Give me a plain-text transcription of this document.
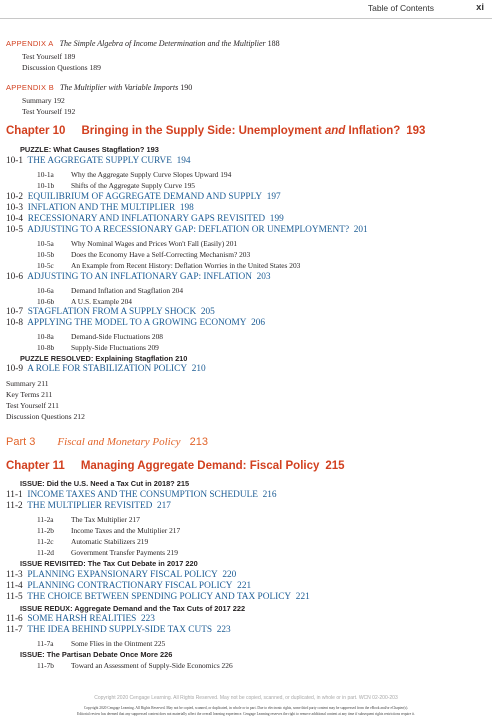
Table of Contents	xi
APPENDIX A The Simple Algebra of Income Determination and the Multiplier 188
Test Yourself 189
Discussion Questions 189
APPENDIX B The Multiplier with Variable Imports 190
Summary 192
Test Yourself 192
Chapter 10 Bringing in the Supply Side: Unemployment and Inflation? 193
PUZZLE: What Causes Stagflation? 193
10-1 THE AGGREGATE SUPPLY CURVE 194
10-1a Why the Aggregate Supply Curve Slopes Upward 194
10-1b Shifts of the Aggregate Supply Curve 195
10-2 EQUILIBRIUM OF AGGREGATE DEMAND AND SUPPLY 197
10-3 INFLATION AND THE MULTIPLIER 198
10-4 RECESSIONARY AND INFLATIONARY GAPS REVISITED 199
10-5 ADJUSTING TO A RECESSIONARY GAP: DEFLATION OR UNEMPLOYMENT? 201
10-5a Why Nominal Wages and Prices Won't Fall (Easily) 201
10-5b Does the Economy Have a Self-Correcting Mechanism? 203
10-5c An Example from Recent History: Deflation Worries in the United States 203
10-6 ADJUSTING TO AN INFLATIONARY GAP: INFLATION 203
10-6a Demand Inflation and Stagflation 204
10-6b A U.S. Example 204
10-7 STAGFLATION FROM A SUPPLY SHOCK 205
10-8 APPLYING THE MODEL TO A GROWING ECONOMY 206
10-8a Demand-Side Fluctuations 208
10-8b Supply-Side Fluctuations 209
PUZZLE RESOLVED: Explaining Stagflation 210
10-9 A ROLE FOR STABILIZATION POLICY 210
Summary 211
Key Terms 211
Test Yourself 211
Discussion Questions 212
Part 3 Fiscal and Monetary Policy 213
Chapter 11 Managing Aggregate Demand: Fiscal Policy 215
ISSUE: Did the U.S. Need a Tax Cut in 2018? 215
11-1 INCOME TAXES AND THE CONSUMPTION SCHEDULE 216
11-2 THE MULTIPLIER REVISITED 217
11-2a The Tax Multiplier 217
11-2b Income Taxes and the Multiplier 217
11-2c Automatic Stabilizers 219
11-2d Government Transfer Payments 219
ISSUE REVISITED: The Tax Cut Debate in 2017 220
11-3 PLANNING EXPANSIONARY FISCAL POLICY 220
11-4 PLANNING CONTRACTIONARY FISCAL POLICY 221
11-5 THE CHOICE BETWEEN SPENDING POLICY AND TAX POLICY 221
ISSUE REDUX: Aggregate Demand and the Tax Cuts of 2017 222
11-6 SOME HARSH REALITIES 223
11-7 THE IDEA BEHIND SUPPLY-SIDE TAX CUTS 223
11-7a Some Flies in the Ointment 225
ISSUE: The Partisan Debate Once More 226
11-7b Toward an Assessment of Supply-Side Economics 226
Copyright 2020 Cengage Learning. All Rights Reserved. May not be copied, scanned, or duplicated, in whole or in part. WCN 02-200-203
Copyright 2020 Cengage Learning. All Rights Reserved. May not be copied, scanned, or duplicated, in whole or in part. Due to electronic rights, some third party content may be suppressed from the eBook and/or eChapter(s).
Editorial review has deemed that any suppressed content does not materially affect the overall learning experience. Cengage Learning reserves the right to remove additional content at any time if subsequent rights restrictions require it.
